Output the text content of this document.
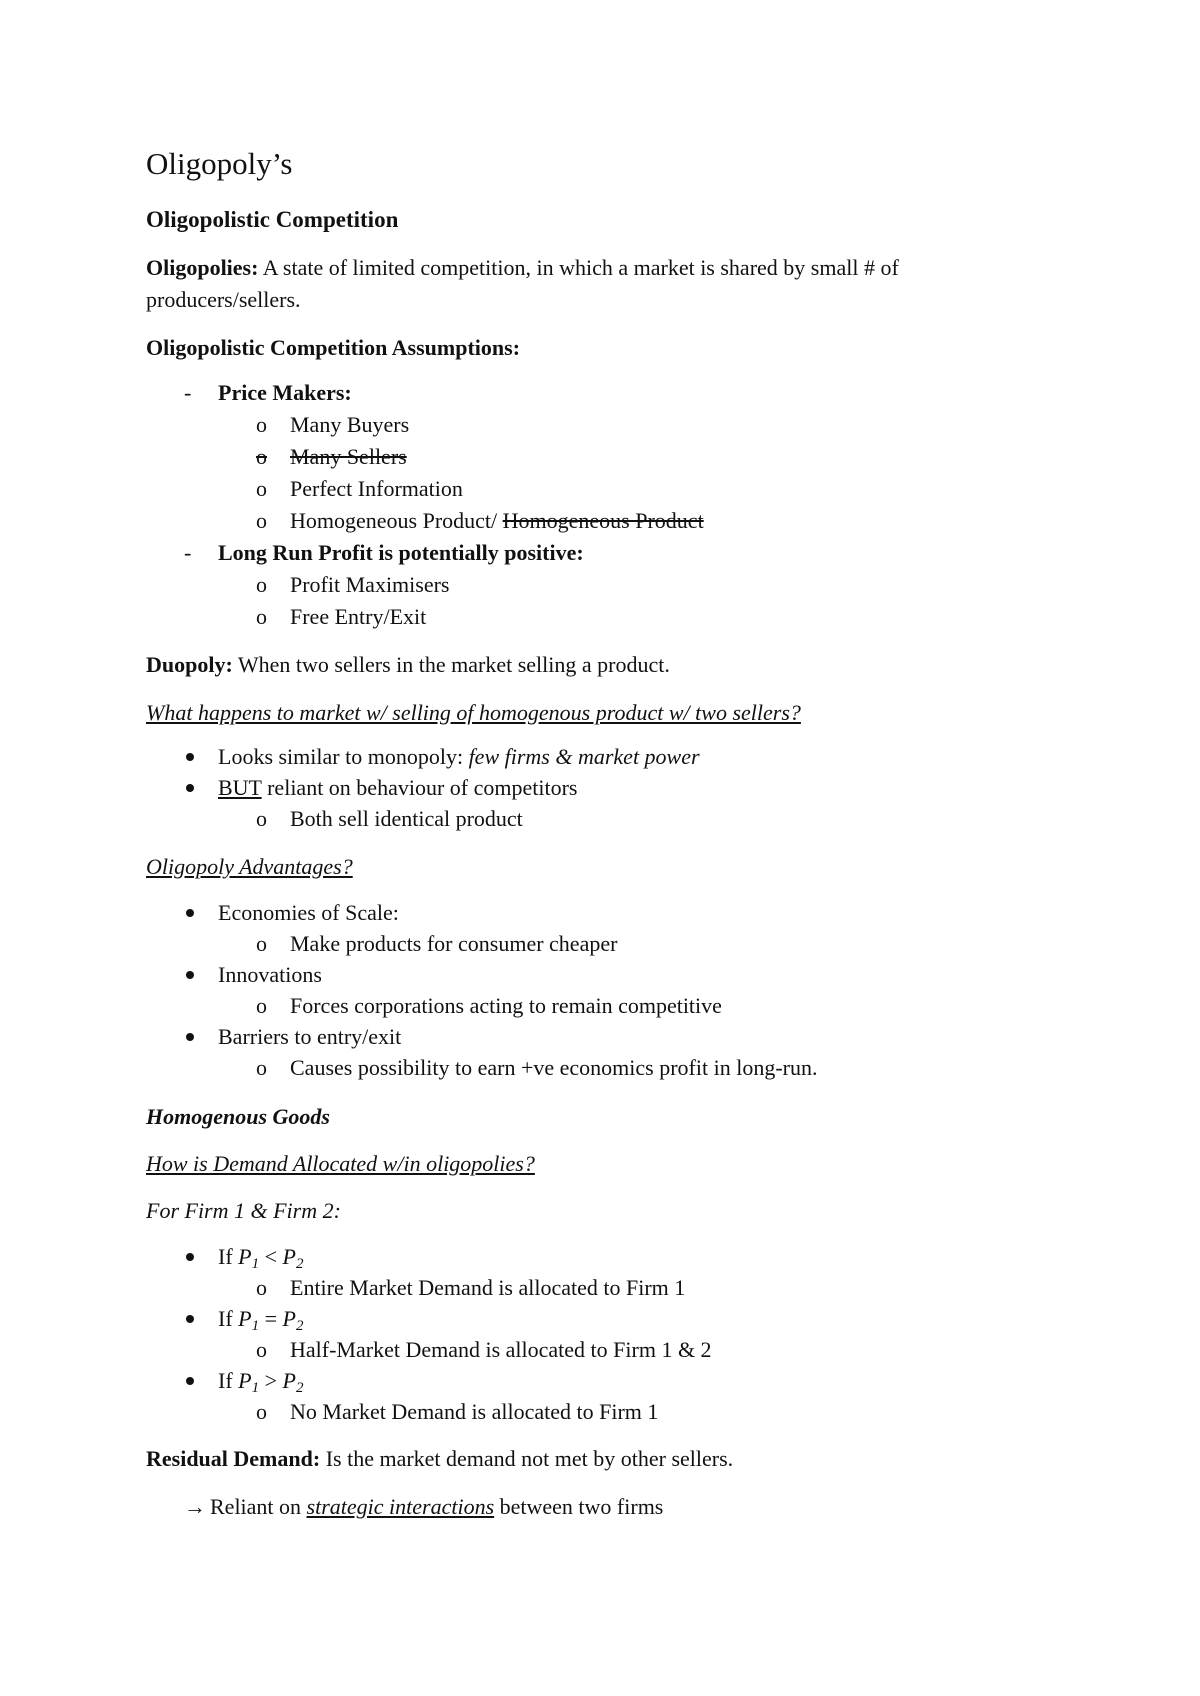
Oligopoly’s
Oligopolistic Competition
Oligopolies: A state of limited competition, in which a market is shared by small # of
producers/sellers.
Oligopolistic Competition Assumptions:
- Price Makers:
o Many Buyers
o	Many Sellers
o Perfect Information
o Homogeneous Product/ Homogeneous Product
- Long Run Profit is potentially positive:
o Profit Maximisers
o Free Entry/Exit
Duopoly: When two sellers in the market selling a product.
What happens to market w/ selling of homogenous product w/ two sellers?
Looks similar to monopoly: few firms & market power
BUT reliant on behaviour of competitors
o Both sell identical product
Oligopoly Advantages?
Economies of Scale:
o Make products for consumer cheaper
Innovations
o Forces corporations acting to remain competitive
Barriers to entry/exit
o Causes possibility to earn +ve economics profit in long-run.
Homogenous Goods
How is Demand Allocated w/in oligopolies?
For Firm 1 & Firm 2:
If $P_1 < P_2$
o Entire Market Demand is allocated to Firm 1
If $P_1 = P_2$
o Half-Market Demand is allocated to Firm 1 & 2
If $P_1 > P_2$
o No Market Demand is allocated to Firm 1
Residual Demand: Is the market demand not met by other sellers.
→ Reliant on strategic interactions between two firms
